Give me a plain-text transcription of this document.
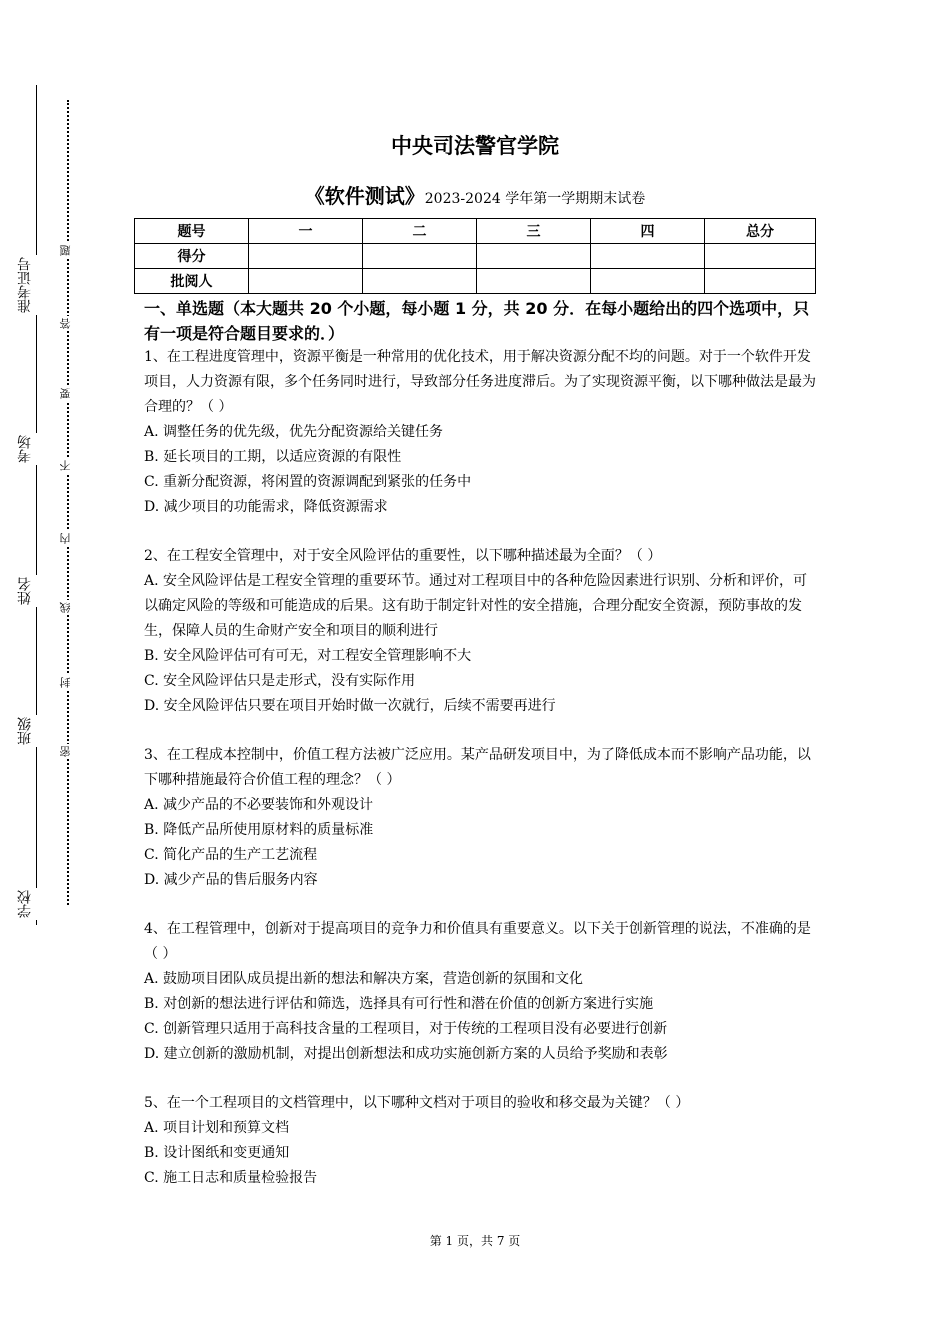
准考证号
考场
姓名
班级
学校
题
答
要
不
内
线
封
密
中央司法警官学院
《软件测试》2023-2024 学年第一学期期末试卷
题号	一	二	三	四	总分
得分					
批阅人					
一、单选题（本大题共 20 个小题，每小题 1 分，共 20 分．在每小题给出的四个选项中，只有一项是符合题目要求的．）

1、在工程进度管理中，资源平衡是一种常用的优化技术，用于解决资源分配不均的问题。对于一个软件开发项目，人力资源有限，多个任务同时进行，导致部分任务进度滞后。为了实现资源平衡，以下哪种做法是最为合理的？（ ）

A. 调整任务的优先级，优先分配资源给关键任务

B. 延长项目的工期，以适应资源的有限性

C. 重新分配资源，将闲置的资源调配到紧张的任务中

D. 减少项目的功能需求，降低资源需求

2、在工程安全管理中，对于安全风险评估的重要性，以下哪种描述最为全面？（ ）

A. 安全风险评估是工程安全管理的重要环节。通过对工程项目中的各种危险因素进行识别、分析和评价，可以确定风险的等级和可能造成的后果。这有助于制定针对性的安全措施，合理分配安全资源，预防事故的发生，保障人员的生命财产安全和项目的顺利进行

B. 安全风险评估可有可无，对工程安全管理影响不大

C. 安全风险评估只是走形式，没有实际作用

D. 安全风险评估只要在项目开始时做一次就行，后续不需要再进行

3、在工程成本控制中，价值工程方法被广泛应用。某产品研发项目中，为了降低成本而不影响产品功能，以下哪种措施最符合价值工程的理念？（ ）

A. 减少产品的不必要装饰和外观设计

B. 降低产品所使用原材料的质量标准

C. 简化产品的生产工艺流程

D. 减少产品的售后服务内容

4、在工程管理中，创新对于提高项目的竞争力和价值具有重要意义。以下关于创新管理的说法，不准确的是（ ）

A. 鼓励项目团队成员提出新的想法和解决方案，营造创新的氛围和文化

B. 对创新的想法进行评估和筛选，选择具有可行性和潜在价值的创新方案进行实施

C. 创新管理只适用于高科技含量的工程项目，对于传统的工程项目没有必要进行创新

D. 建立创新的激励机制，对提出创新想法和成功实施创新方案的人员给予奖励和表彰

5、在一个工程项目的文档管理中，以下哪种文档对于项目的验收和移交最为关键？（ ）

A. 项目计划和预算文档

B. 设计图纸和变更通知

C. 施工日志和质量检验报告

第 1 页，共 7 页
